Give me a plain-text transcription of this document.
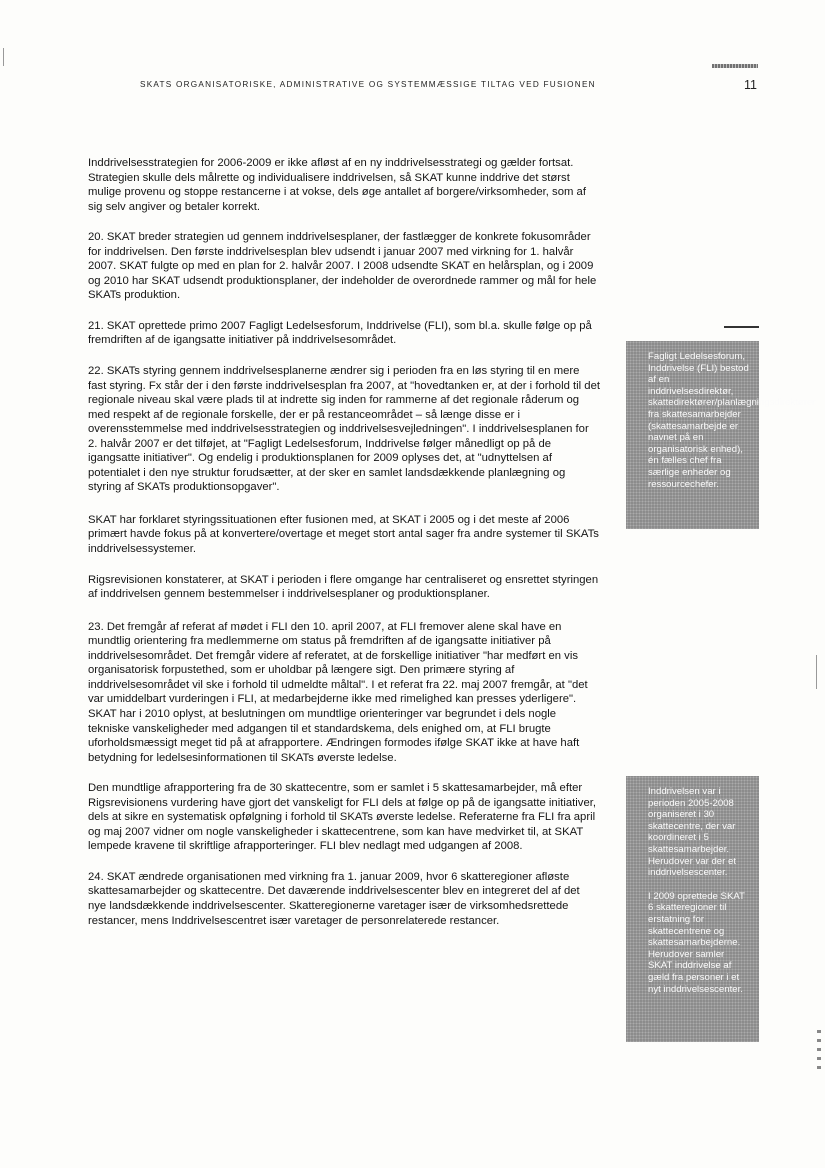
SKATS ORGANISATORISKE, ADMINISTRATIVE OG SYSTEMMÆSSIGE TILTAG VED FUSIONEN	11

Inddrivelsesstrategien for 2006-2009 er ikke afløst af en ny inddrivelsesstrategi og gælder fortsat. Strategien skulle dels målrette og individualisere inddrivelsen, så SKAT kunne inddrive det størst mulige provenu og stoppe restancerne i at vokse, dels øge antallet af borgere/virksomheder, som af sig selv angiver og betaler korrekt.

20. SKAT breder strategien ud gennem inddrivelsesplaner, der fastlægger de konkrete fokusområder for inddrivelsen. Den første inddrivelsesplan blev udsendt i januar 2007 med virkning for 1. halvår 2007. SKAT fulgte op med en plan for 2. halvår 2007. I 2008 udsendte SKAT en helårsplan, og i 2009 og 2010 har SKAT udsendt produktionsplaner, der indeholder de overordnede rammer og mål for hele SKATs produktion.

21. SKAT oprettede primo 2007 Fagligt Ledelsesforum, Inddrivelse (FLI), som bl.a. skulle følge op på fremdriften af de igangsatte initiativer på inddrivelsesområdet.

22. SKATs styring gennem inddrivelsesplanerne ændrer sig i perioden fra en løs styring til en mere fast styring. Fx står der i den første inddrivelsesplan fra 2007, at "hovedtanken er, at der i forhold til det regionale niveau skal være plads til at indrette sig inden for rammerne af det regionale råderum og med respekt af de regionale forskelle, der er på restanceområdet – så længe disse er i overensstemmelse med inddrivelsesstrategien og inddrivelsesvejledningen". I inddrivelsesplanen for 2. halvår 2007 er det tilføjet, at "Fagligt Ledelsesforum, Inddrivelse følger månedligt op på de igangsatte initiativer". Og endelig i produktionsplanen for 2009 oplyses det, at "udnyttelsen af potentialet i den nye struktur forudsætter, at der sker en samlet landsdækkende planlægning og styring af SKATs produktionsopgaver".

SKAT har forklaret styringssituationen efter fusionen med, at SKAT i 2005 og i det meste af 2006 primært havde fokus på at konvertere/overtage et meget stort antal sager fra andre systemer til SKATs inddrivelsessystemer.

Rigsrevisionen konstaterer, at SKAT i perioden i flere omgange har centraliseret og ensrettet styringen af inddrivelsen gennem bestemmelser i inddrivelsesplaner og produktionsplaner.

23. Det fremgår af referat af mødet i FLI den 10. april 2007, at FLI fremover alene skal have en mundtlig orientering fra medlemmerne om status på fremdriften af de igangsatte initiativer på inddrivelsesområdet. Det fremgår videre af referatet, at de forskellige initiativer "har medført en vis organisatorisk forpustethed, som er uholdbar på længere sigt. Den primære styring af inddrivelsesområdet vil ske i forhold til udmeldte måltal". I et referat fra 22. maj 2007 fremgår, at "det var umiddelbart vurderingen i FLI, at medarbejderne ikke med rimelighed kan presses yderligere". SKAT har i 2010 oplyst, at beslutningen om mundtlige orienteringer var begrundet i dels nogle tekniske vanskeligheder med adgangen til et standardskema, dels enighed om, at FLI brugte uforholdsmæssigt meget tid på at afrapportere. Ændringen formodes ifølge SKAT ikke at have haft betydning for ledelsesinformationen til SKATs øverste ledelse.

Den mundtlige afrapportering fra de 30 skattecentre, som er samlet i 5 skattesamarbejder, må efter Rigsrevisionens vurdering have gjort det vanskeligt for FLI dels at følge op på de igangsatte initiativer, dels at sikre en systematisk opfølgning i forhold til SKATs øverste ledelse. Referaterne fra FLI fra april og maj 2007 vidner om nogle vanskeligheder i skattecentrene, som kan have medvirket til, at SKAT lempede kravene til skriftlige afrapporteringer. FLI blev nedlagt med udgangen af 2008.

24. SKAT ændrede organisationen med virkning fra 1. januar 2009, hvor 6 skatteregioner afløste skattesamarbejder og skattecentre. Det daværende inddrivelsescenter blev en integreret del af det nye landsdækkende inddrivelsescenter. Skatteregionerne varetager især de virksomhedsrettede restancer, mens Inddrivelsescentret især varetager de personrelaterede restancer.

Fagligt Ledelsesforum, Inddrivelse (FLI) bestod af en inddrivelsesdirektør, skattedirektører/planlægningsdirektører fra skattesamarbejder (skattesamarbejde er navnet på en organisatorisk enhed), én fælles chef fra særlige enheder og ressourcechefer.

Inddrivelsen var i perioden 2005-2008 organiseret i 30 skattecentre, der var koordineret i 5 skattesamarbejder. Herudover var der et inddrivelsescenter.

I 2009 oprettede SKAT 6 skatteregioner til erstatning for skattecentrene og skattesamarbejderne. Herudover samler SKAT inddrivelse af gæld fra personer i et nyt inddrivelsescenter.
